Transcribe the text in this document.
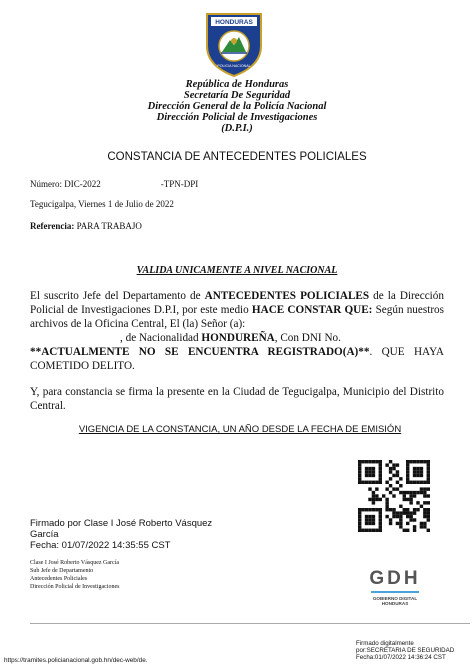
HONDURAS
POLICIA NACIONAL
República de Honduras
Secretaría De Seguridad
Dirección General de la Policía Nacional
Dirección Policial de Investigaciones
(D.P.I.)
CONSTANCIA DE ANTECEDENTES POLICIALES
Número: DIC-2022	-TPN-DPI
Tegucigalpa, Viernes 1 de Julio de 2022
Referencia: PARA TRABAJO
VALIDA UNICAMENTE A NIVEL NACIONAL
El suscrito Jefe del Departamento de ANTECEDENTES POLICIALES de la Dirección Policial de Investigaciones D.P.I, por este medio HACE CONSTAR QUE: Según nuestros archivos de la Oficina Central, El (la) Señor (a):
, de Nacionalidad HONDUREÑA, Con DNI No.
**ACTUALMENTE NO SE ENCUENTRA REGISTRADO(A)**. QUE HAYA
COMETIDO DELITO.
Y, para constancia se firma la presente en la Ciudad de Tegucigalpa, Municipio del Distrito Central.
VIGENCIA DE LA CONSTANCIA, UN AÑO DESDE LA FECHA DE EMISIÓN
Firmado por Clase I José Roberto Vásquez
García
Fecha: 01/07/2022 14:35:55 CST
Clase I José Roberto Vásquez García
Sub Jefe de Departamento
Antecedentes Policiales
Dirección Policial de Investigaciones	GDH
GOBIERNO DIGITAL HONDURAS
https://tramites.policianacional.gob.hn/dec-web/de.
Firmado digitalmente
por:SECRETARIA DE SEGURIDAD
Fecha:01/07/2022 14:36:24 CST
